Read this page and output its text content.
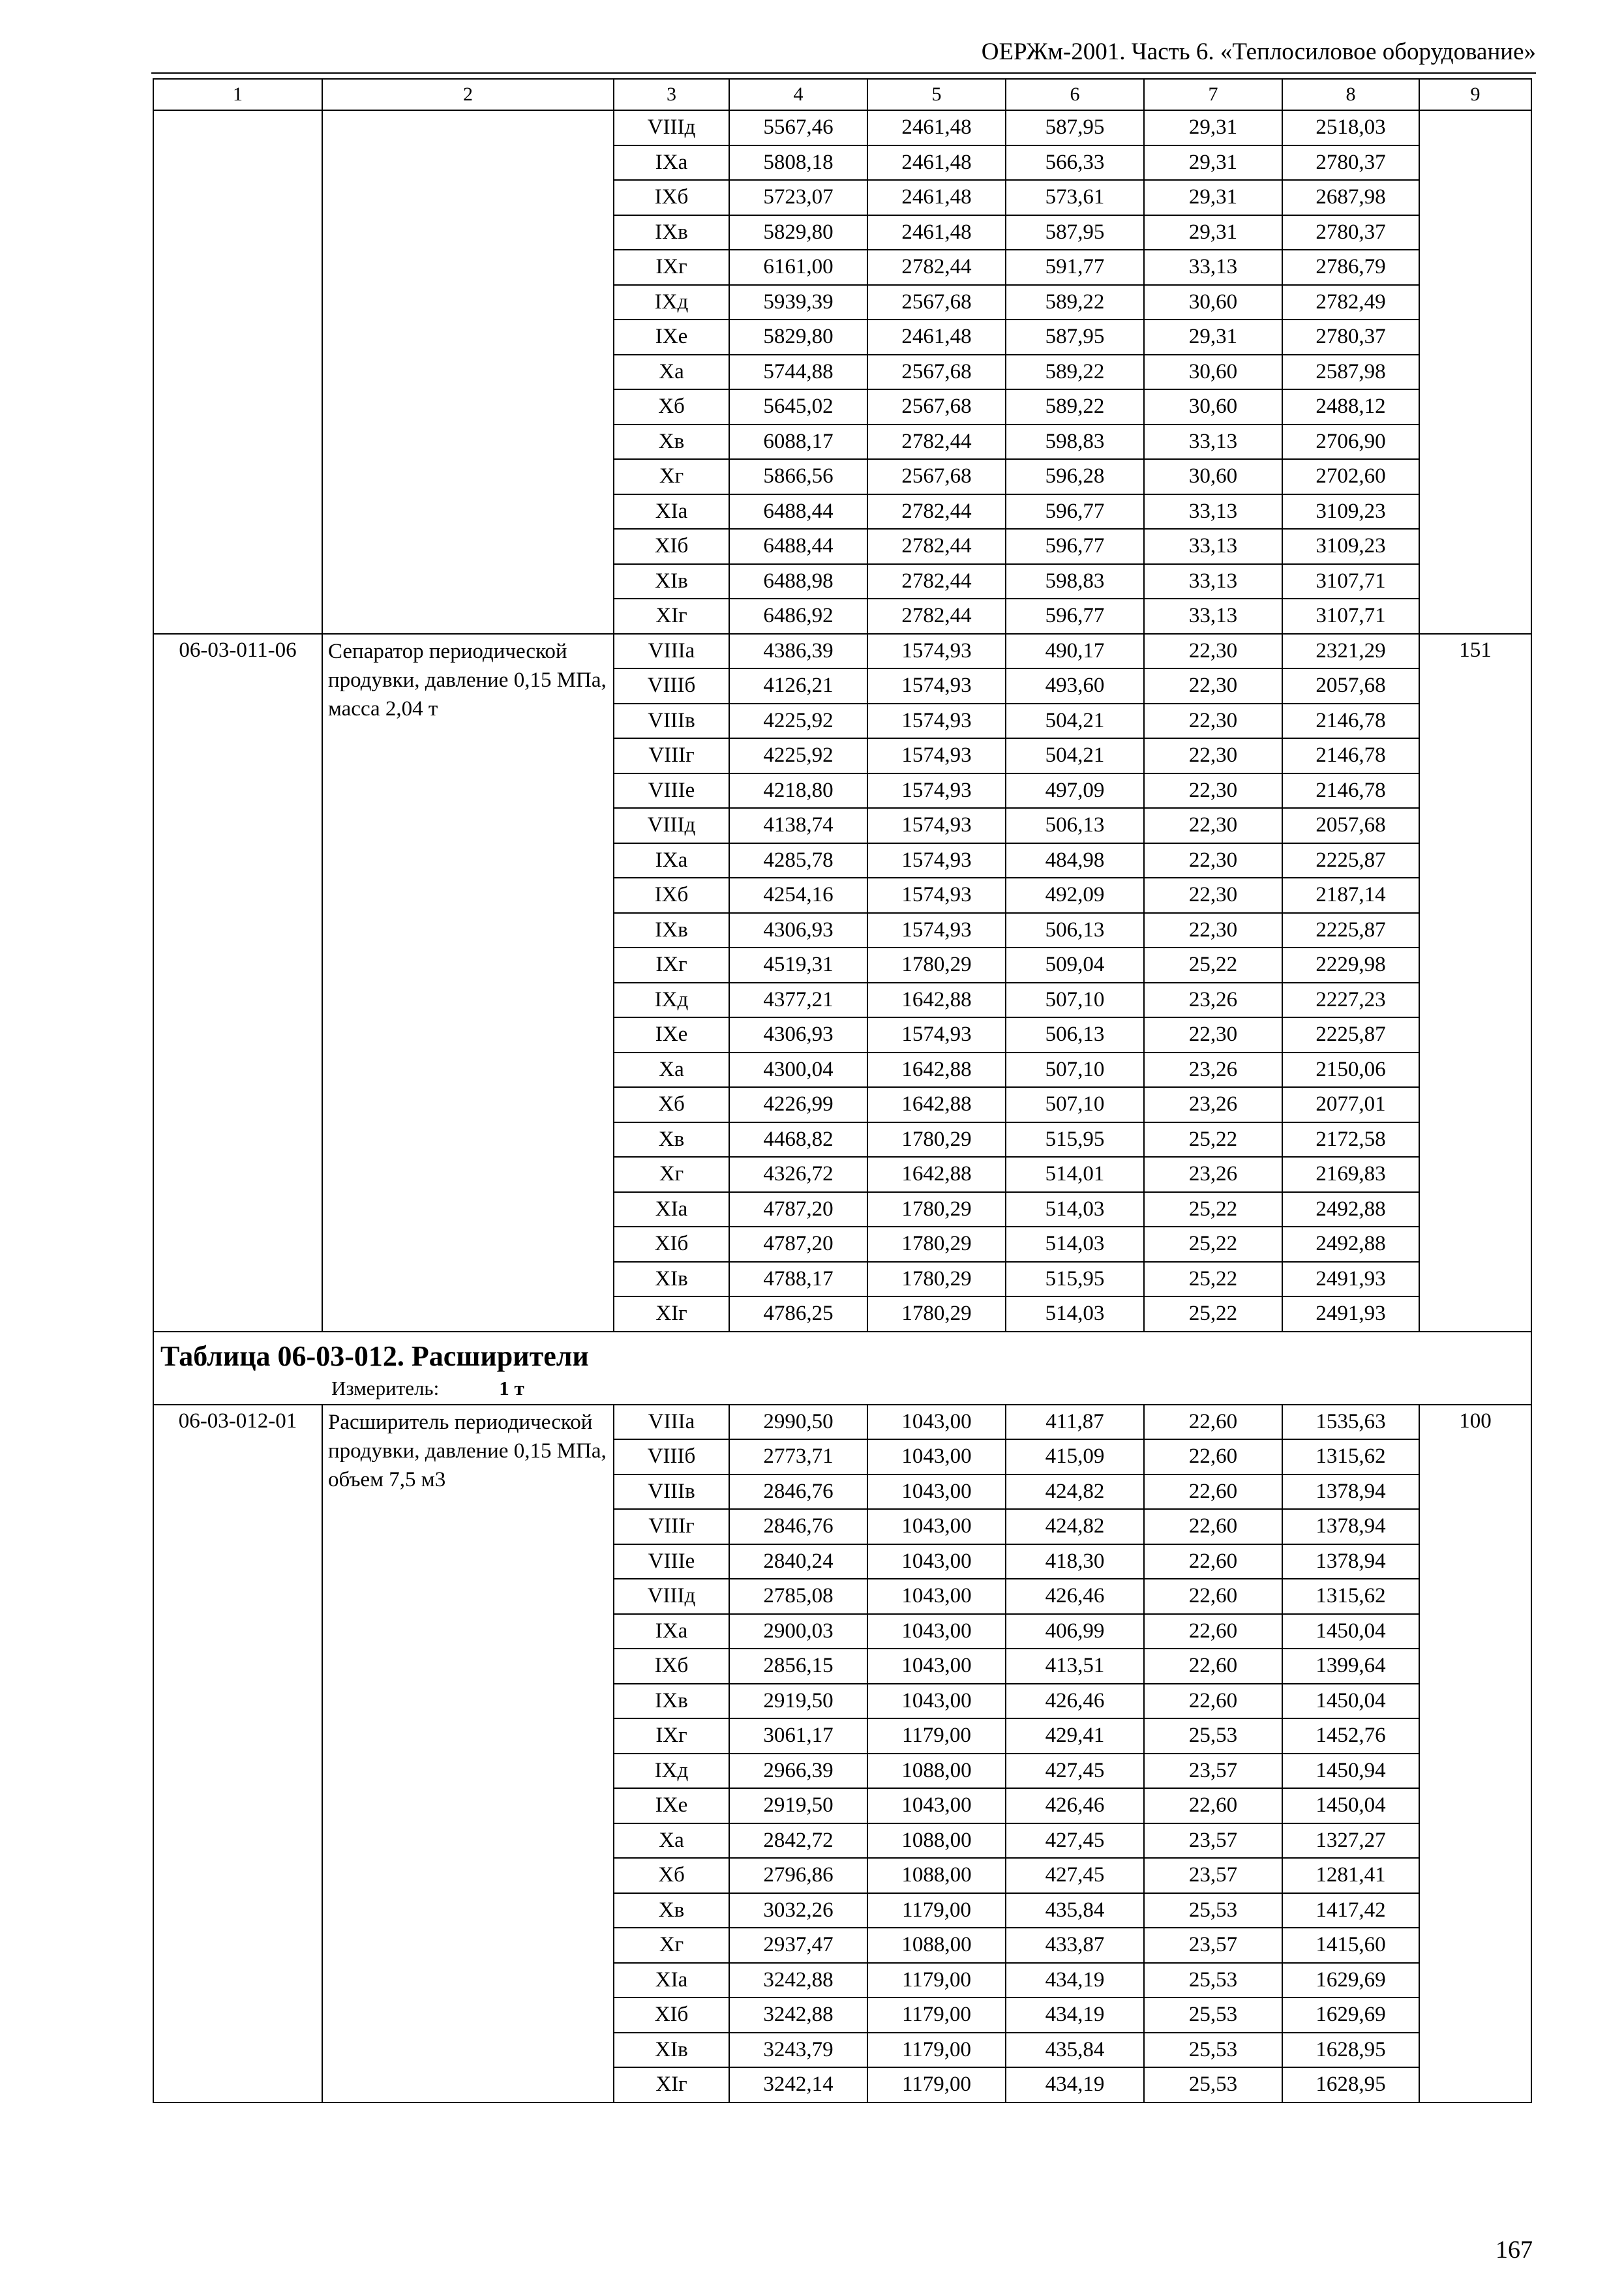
ОЕРЖм-2001. Часть 6. «Теплосиловое оборудование»
1	2	3	4	5	6	7	8	9
		VIIIд	5567,46	2461,48	587,95	29,31	2518,03	
		IXа	5808,18	2461,48	566,33	29,31	2780,37	
		IXб	5723,07	2461,48	573,61	29,31	2687,98	
		IXв	5829,80	2461,48	587,95	29,31	2780,37	
		IXг	6161,00	2782,44	591,77	33,13	2786,79	
		IXд	5939,39	2567,68	589,22	30,60	2782,49	
		IXе	5829,80	2461,48	587,95	29,31	2780,37	
		Xа	5744,88	2567,68	589,22	30,60	2587,98	
		Xб	5645,02	2567,68	589,22	30,60	2488,12	
		Xв	6088,17	2782,44	598,83	33,13	2706,90	
		Xг	5866,56	2567,68	596,28	30,60	2702,60	
		XIа	6488,44	2782,44	596,77	33,13	3109,23	
		XIб	6488,44	2782,44	596,77	33,13	3109,23	
		XIв	6488,98	2782,44	598,83	33,13	3107,71	
		XIг	6486,92	2782,44	596,77	33,13	3107,71	
06-03-011-06	Сепаратор периодической продувки, давление 0,15 МПа, масса 2,04 т	VIIIа	4386,39	1574,93	490,17	22,30	2321,29	151
		VIIIб	4126,21	1574,93	493,60	22,30	2057,68	
		VIIIв	4225,92	1574,93	504,21	22,30	2146,78	
		VIIIг	4225,92	1574,93	504,21	22,30	2146,78	
		VIIIе	4218,80	1574,93	497,09	22,30	2146,78	
		VIIIд	4138,74	1574,93	506,13	22,30	2057,68	
		IXа	4285,78	1574,93	484,98	22,30	2225,87	
		IXб	4254,16	1574,93	492,09	22,30	2187,14	
		IXв	4306,93	1574,93	506,13	22,30	2225,87	
		IXг	4519,31	1780,29	509,04	25,22	2229,98	
		IXд	4377,21	1642,88	507,10	23,26	2227,23	
		IXе	4306,93	1574,93	506,13	22,30	2225,87	
		Xа	4300,04	1642,88	507,10	23,26	2150,06	
		Xб	4226,99	1642,88	507,10	23,26	2077,01	
		Xв	4468,82	1780,29	515,95	25,22	2172,58	
		Xг	4326,72	1642,88	514,01	23,26	2169,83	
		XIа	4787,20	1780,29	514,03	25,22	2492,88	
		XIб	4787,20	1780,29	514,03	25,22	2492,88	
		XIв	4788,17	1780,29	515,95	25,22	2491,93	
		XIг	4786,25	1780,29	514,03	25,22	2491,93	

Таблица 06-03-012. Расширители
Измеритель: 1 т								

06-03-012-01	Расширитель периодической продувки, давление 0,15 МПа, объем 7,5 м3	VIIIа	2990,50	1043,00	411,87	22,60	1535,63	100
		VIIIб	2773,71	1043,00	415,09	22,60	1315,62	
		VIIIв	2846,76	1043,00	424,82	22,60	1378,94	
		VIIIг	2846,76	1043,00	424,82	22,60	1378,94	
		VIIIе	2840,24	1043,00	418,30	22,60	1378,94	
		VIIIд	2785,08	1043,00	426,46	22,60	1315,62	
		IXа	2900,03	1043,00	406,99	22,60	1450,04	
		IXб	2856,15	1043,00	413,51	22,60	1399,64	
		IXв	2919,50	1043,00	426,46	22,60	1450,04	
		IXг	3061,17	1179,00	429,41	25,53	1452,76	
		IXд	2966,39	1088,00	427,45	23,57	1450,94	
		IXе	2919,50	1043,00	426,46	22,60	1450,04	
		Xа	2842,72	1088,00	427,45	23,57	1327,27	
		Xб	2796,86	1088,00	427,45	23,57	1281,41	
		Xв	3032,26	1179,00	435,84	25,53	1417,42	
		Xг	2937,47	1088,00	433,87	23,57	1415,60	
		XIа	3242,88	1179,00	434,19	25,53	1629,69	
		XIб	3242,88	1179,00	434,19	25,53	1629,69	
		XIв	3243,79	1179,00	435,84	25,53	1628,95	
		XIг	3242,14	1179,00	434,19	25,53	1628,95	
167
